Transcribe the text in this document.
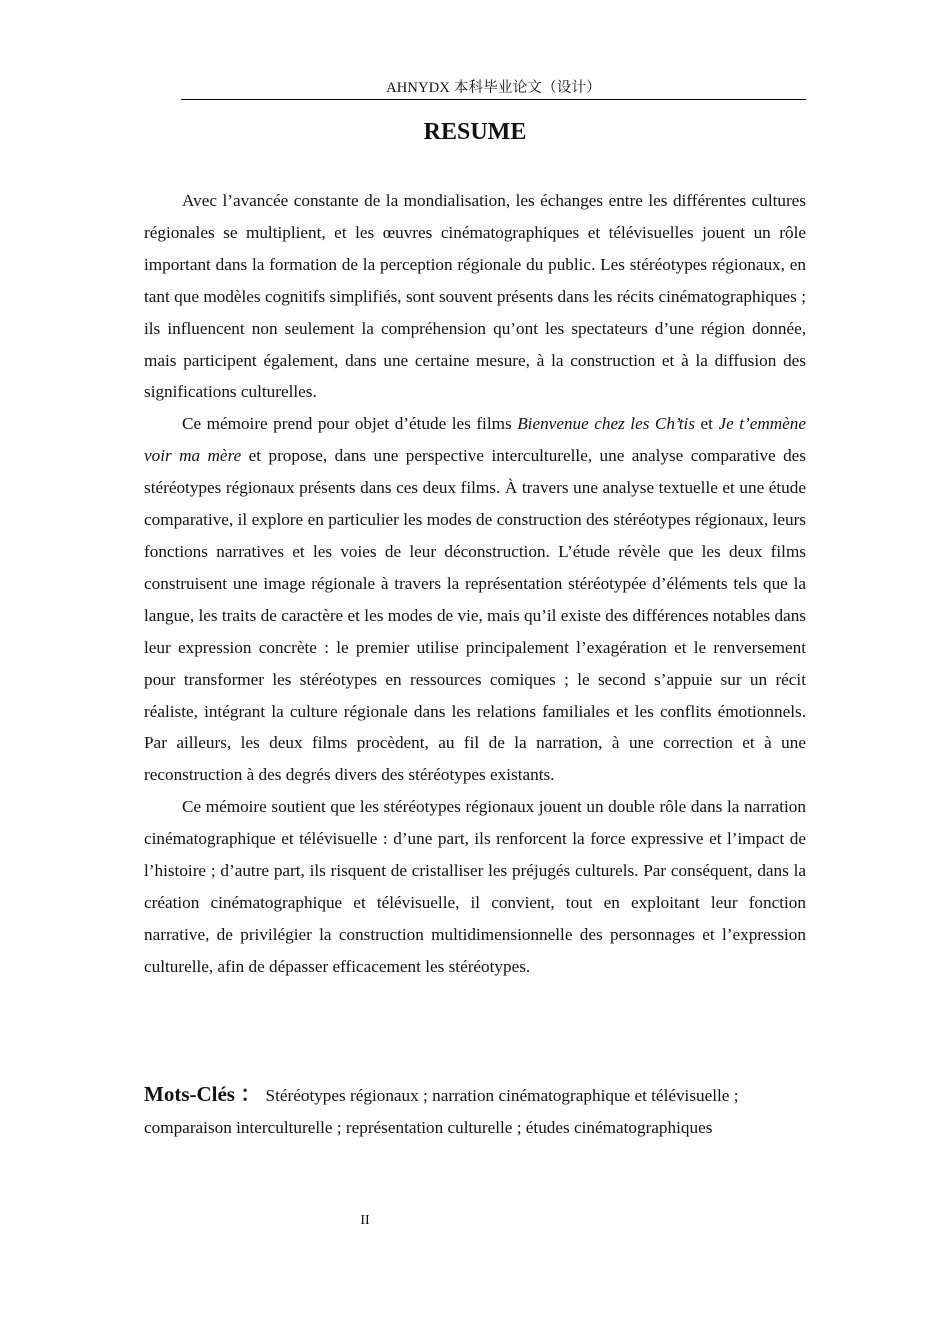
AHNYDX 本科毕业论文（设计）
RESUME

Avec l’avancée constante de la mondialisation, les échanges entre les différentes cultures régionales se multiplient, et les œuvres cinématographiques et télévisuelles jouent un rôle important dans la formation de la perception régionale du public. Les stéréotypes régionaux, en tant que modèles cognitifs simplifiés, sont souvent présents dans les récits cinématographiques ; ils influencent non seulement la compréhension qu’ont les spectateurs d’une région donnée, mais participent également, dans une certaine mesure, à la construction et à la diffusion des significations culturelles.

Ce mémoire prend pour objet d’étude les films Bienvenue chez les Ch’tis et Je t’emmène voir ma mère et propose, dans une perspective interculturelle, une analyse comparative des stéréotypes régionaux présents dans ces deux films. À travers une analyse textuelle et une étude comparative, il explore en particulier les modes de construction des stéréotypes régionaux, leurs fonctions narratives et les voies de leur déconstruction. L’étude révèle que les deux films construisent une image régionale à travers la représentation stéréotypée d’éléments tels que la langue, les traits de caractère et les modes de vie, mais qu’il existe des différences notables dans leur expression concrète : le premier utilise principalement l’exagération et le renversement pour transformer les stéréotypes en ressources comiques ; le second s’appuie sur un récit réaliste, intégrant la culture régionale dans les relations familiales et les conflits émotionnels. Par ailleurs, les deux films procèdent, au fil de la narration, à une correction et à une reconstruction à des degrés divers des stéréotypes existants.

Ce mémoire soutient que les stéréotypes régionaux jouent un double rôle dans la narration cinématographique et télévisuelle : d’une part, ils renforcent la force expressive et l’impact de l’histoire ; d’autre part, ils risquent de cristalliser les préjugés culturels. Par conséquent, dans la création cinématographique et télévisuelle, il convient, tout en exploitant leur fonction narrative, de privilégier la construction multidimensionnelle des personnages et l’expression culturelle, afin de dépasser efficacement les stéréotypes.

Mots-Clés ： Stéréotypes régionaux ; narration cinématographique et télévisuelle ; comparaison interculturelle ; représentation culturelle ; études cinématographiques
II
